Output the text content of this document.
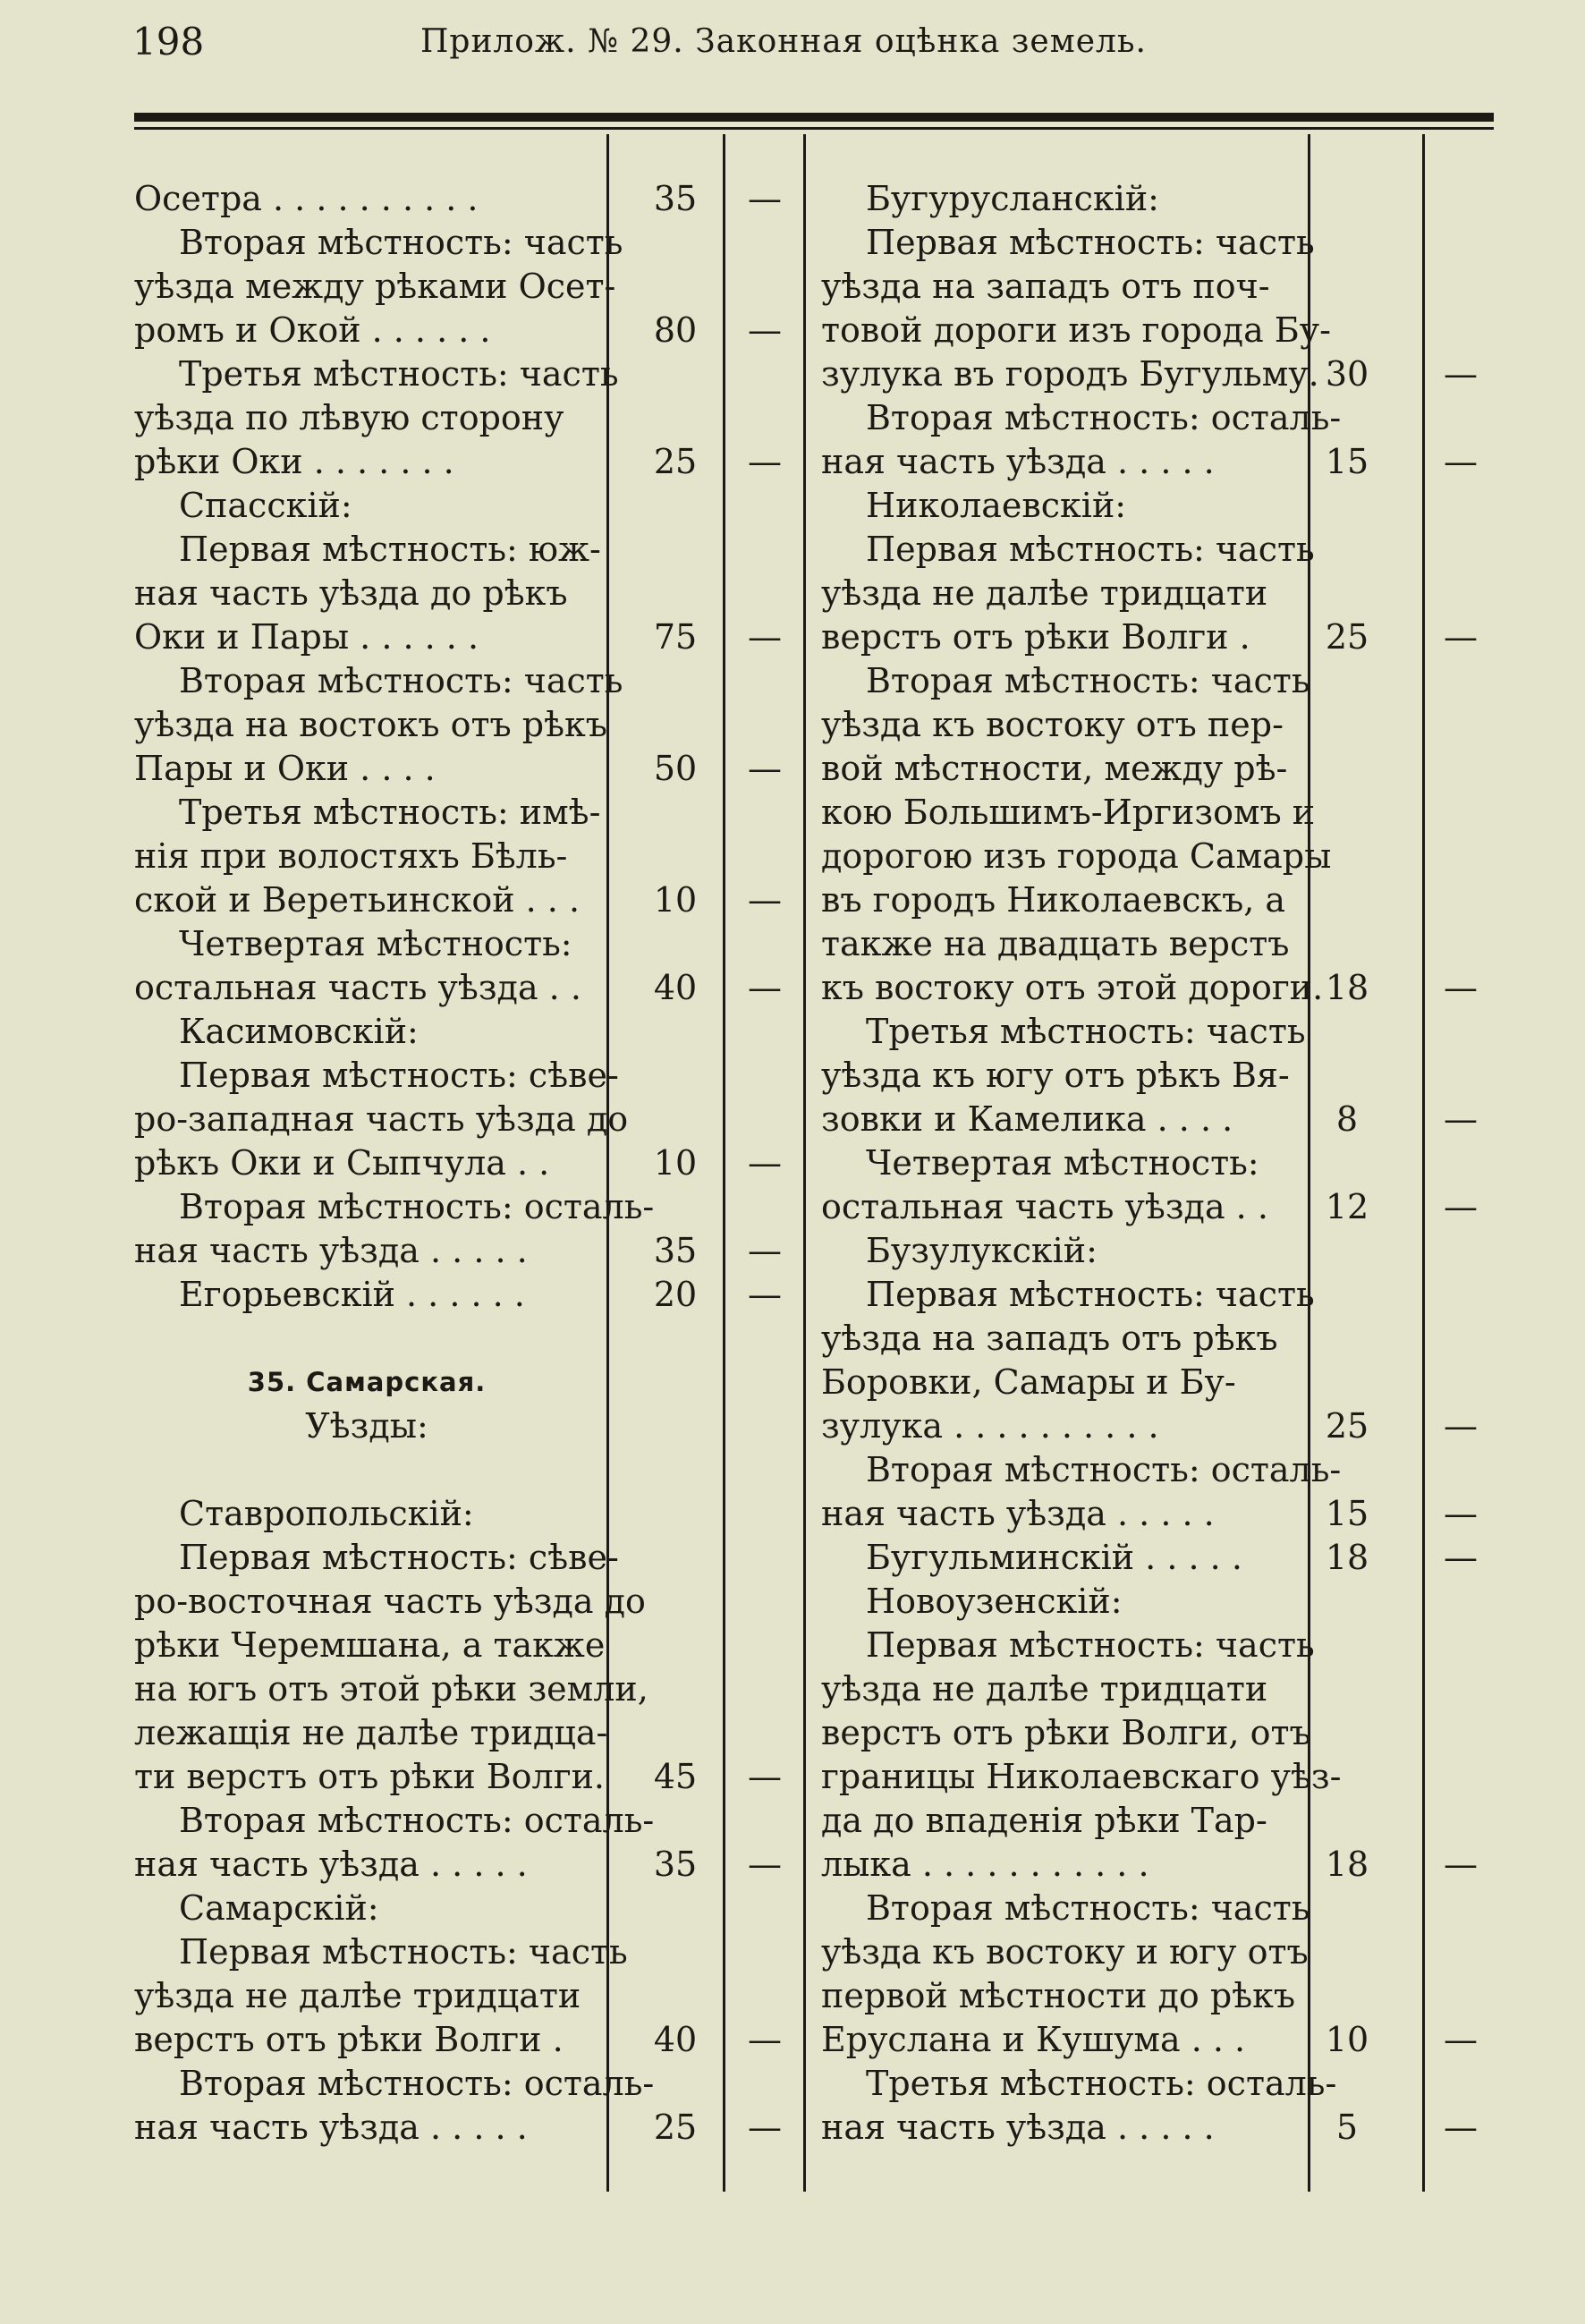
198	Прилож. № 29. Законная оцѣнка земель.
Осетра . . . . . . . . . .	35	—
Вторая мѣстность: часть
уѣзда между рѣками Осет-
ромъ и Окой . . . . . .	80	—
Третья мѣстность: часть
уѣзда по лѣвую сторону
рѣки Оки . . . . . . .	25	—
Спасскій:
Первая мѣстность: юж-
ная часть уѣзда до рѣкъ
Оки и Пары . . . . . .	75	—
Вторая мѣстность: часть
уѣзда на востокъ отъ рѣкъ
Пары и Оки . . . .	50	—
Третья мѣстность: имѣ-
нія при волостяхъ Бѣль-
ской и Веретьинской . . .	10	—
Четвертая мѣстность:
остальная часть уѣзда . .	40	—
Касимовскій:
Первая мѣстность: сѣве-
ро-западная часть уѣзда до
рѣкъ Оки и Сыпчула . .	10	—
Вторая мѣстность: осталь-
ная часть уѣзда . . . . .	35	—
Егорьевскій . . . . . .	20	—
35. Самарская.
Уѣзды:
Ставропольскій:
Первая мѣстность: сѣве-
ро-восточная часть уѣзда до
рѣки Черемшана, а также
на югъ отъ этой рѣки земли,
лежащія не далѣе тридца-
ти верстъ отъ рѣки Волги.	45	—
Вторая мѣстность: осталь-
ная часть уѣзда . . . . .	35	—
Самарскій:
Первая мѣстность: часть
уѣзда не далѣе тридцати
верстъ отъ рѣки Волги .	40	—
Вторая мѣстность: осталь-
ная часть уѣзда . . . . .	25	—
Бугурусланскій:
Первая мѣстность: часть
уѣзда на западъ отъ поч-
товой дороги изъ города Бу-
зулука въ городъ Бугульму. 30	—
Вторая мѣстность: осталь-
ная часть уѣзда . . . . .	15	—
Николаевскій:
Первая мѣстность: часть
уѣзда не далѣе тридцати
верстъ отъ рѣки Волги .	25	—
Вторая мѣстность: часть
уѣзда къ востоку отъ пер-
вой мѣстности, между рѣ-
кою Большимъ-Иргизомъ и
дорогою изъ города Самары
въ городъ Николаевскъ, а
также на двадцать верстъ
къ востоку отъ этой дороги. 18	—
Третья мѣстность: часть
уѣзда къ югу отъ рѣкъ Вя-
зовки и Камелика . . . .	8	—
Четвертая мѣстность:
остальная часть уѣзда . .	12	—
Бузулукскій:
Первая мѣстность: часть
уѣзда на западъ отъ рѣкъ
Боровки, Самары и Бу-
зулука . . . . . . . . . .	25	—
Вторая мѣстность: осталь-
ная часть уѣзда . . . . .	15	—
Бугульминскій . . . . .	18	—
Новоузенскій:
Первая мѣстность: часть
уѣзда не далѣе тридцати
верстъ отъ рѣки Волги, отъ
границы Николаевскаго уѣз-
да до впаденія рѣки Тар-
лыка . . . . . . . . . . .	18	—
Вторая мѣстность: часть
уѣзда къ востоку и югу отъ
первой мѣстности до рѣкъ
Еруслана и Кушума . . .	10	—
Третья мѣстность: осталь-
ная часть уѣзда . . . . .	5	—
